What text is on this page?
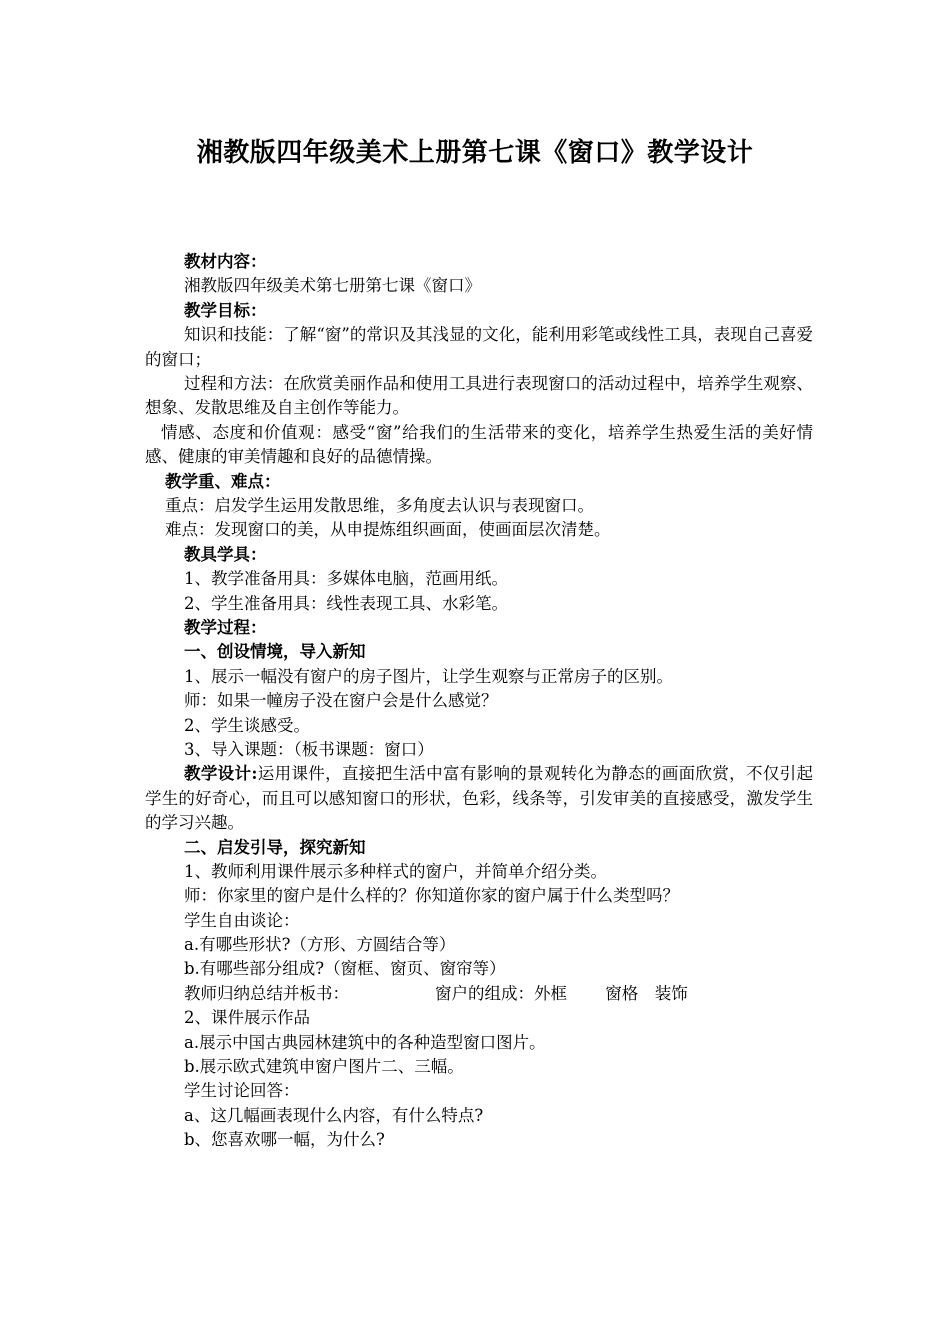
湘教版四年级美术上册第七课《窗口》教学设计
教材内容：
湘教版四年级美术第七册第七课《窗口》
教学目标：
知识和技能：了解“窗”的常识及其浅显的文化，能利用彩笔或线性工具，表现自己喜爱的窗口；
过程和方法：在欣赏美丽作品和使用工具进行表现窗口的活动过程中，培养学生观察、想象、发散思维及自主创作等能力。
情感、态度和价值观：感受“窗”给我们的生活带来的变化，培养学生热爱生活的美好情感、健康的审美情趣和良好的品德情操。
教学重、难点：
重点：启发学生运用发散思维，多角度去认识与表现窗口。
难点：发现窗口的美，从申提炼组织画面，使画面层次清楚。
教具学具：
1、教学准备用具：多媒体电脑，范画用纸。
2、学生准备用具：线性表现工具、水彩笔。
教学过程：
一、创设情境，导入新知
1、展示一幅没有窗户的房子图片，让学生观察与正常房子的区别。
师：如果一幢房子没在窗户会是什么感觉？
2、学生谈感受。
3、导入课题：（板书课题：窗口）
教学设计:运用课件，直接把生活中富有影响的景观转化为静态的画面欣赏，不仅引起学生的好奇心，而且可以感知窗口的形状，色彩，线条等，引发审美的直接感受，激发学生的学习兴趣。
二、启发引导，探究新知
1、教师利用课件展示多种样式的窗户，并简单介绍分类。
师：你家里的窗户是什么样的？你知道你家的窗户属于什么类型吗？
学生自由谈论：
a.有哪些形状?（方形、方圆结合等）
b.有哪些部分组成?（窗框、窗页、窗帘等）
教师归纳总结并板书：	窗户的组成：外框　　 窗格　装饰
2、课件展示作品
a.展示中国古典园林建筑中的各种造型窗口图片。
b.展示欧式建筑申窗户图片二、三幅。
学生讨论回答：
a、这几幅画表现什么内容，有什么特点?
b、您喜欢哪一幅，为什么?
